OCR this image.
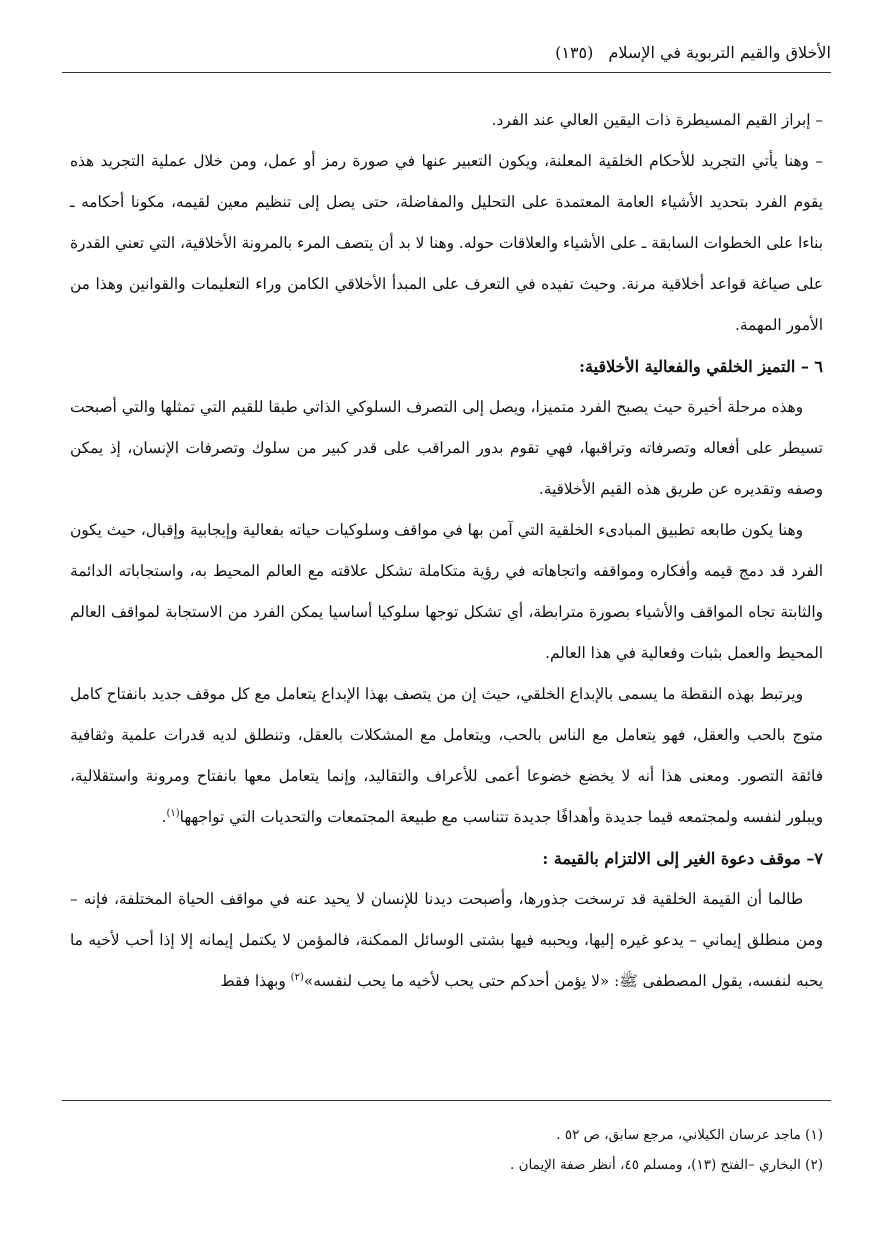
الأخلاق والقيم التربوية في الإسلام (١٣٥)

– إبراز القيم المسيطرة ذات اليقين العالي عند الفرد.

– وهنا يأتي التجريد للأحكام الخلقية المعلنة، ويكون التعبير عنها في صورة رمز أو عمل، ومن خلال عملية التجريد هذه يقوم الفرد بتحديد الأشياء العامة المعتمدة على التحليل والمفاضلة، حتى يصل إلى تنظيم معين لقيمه، مكونا أحكامه ـ بناءا على الخطوات السابقة ـ على الأشياء والعلاقات حوله. وهنا لا بد أن يتصف المرء بالمرونة الأخلاقية، التي تعني القدرة على صياغة قواعد أخلاقية مرنة. وحيث تفيده في التعرف على المبدأ الأخلاقي الكامن وراء التعليمات والقوانين وهذا من الأمور المهمة.

٦ – التميز الخلقي والفعالية الأخلاقية:

وهذه مرحلة أخيرة حيث يصبح الفرد متميزا، ويصل إلى التصرف السلوكي الذاتي طبقا للقيم التي تمثلها والتي أصبحت تسيطر على أفعاله وتصرفاته وتراقبها، فهي تقوم بدور المراقب على قدر كبير من سلوك وتصرفات الإنسان، إذ يمكن وصفه وتقديره عن طريق هذه القيم الأخلاقية.

وهنا يكون طابعه تطبيق المبادىء الخلقية التي آمن بها في مواقف وسلوكيات حياته بفعالية وإيجابية وإقبال، حيث يكون الفرد قد دمج قيمه وأفكاره ومواقفه واتجاهاته في رؤية متكاملة تشكل علاقته مع العالم المحيط به، واستجاباته الدائمة والثابتة تجاه المواقف والأشياء بصورة مترابطة، أي تشكل توجها سلوكيا أساسيا يمكن الفرد من الاستجابة لمواقف العالم المحيط والعمل بثبات وفعالية في هذا العالم.

ويرتبط بهذه النقطة ما يسمى بالإبداع الخلقي، حيث إن من يتصف بهذا الإبداع يتعامل مع كل موقف جديد بانفتاح كامل متوج بالحب والعقل، فهو يتعامل مع الناس بالحب، ويتعامل مع المشكلات بالعقل، وتنطلق لديه قدرات علمية وثقافية فائقة التصور. ومعنى هذا أنه لا يخضع خضوعا أعمى للأعراف والتقاليد، وإنما يتعامل معها بانفتاح ومرونة واستقلالية، ويبلور لنفسه ولمجتمعه قيما جديدة وأهدافًا جديدة تتناسب مع طبيعة المجتمعات والتحديات التي تواجهها$^{(١)}$.

٧– موقف دعوة الغير إلى الالتزام بالقيمة :

طالما أن القيمة الخلقية قد ترسخت جذورها، وأصبحت ديدنا للإنسان لا يحيد عنه في مواقف الحياة المختلفة، فإنه – ومن منطلق إيماني – يدعو غيره إليها، ويحببه فيها بشتى الوسائل الممكنة، فالمؤمن لا يكتمل إيمانه إلا إذا أحب لأخيه ما يحبه لنفسه، يقول المصطفى ﷺ: «لا يؤمن أحدكم حتى يحب لأخيه ما يحب لنفسه»$^{(٢)}$ وبهذا فقط

(١) ماجد عرسان الكيلاني، مرجع سابق، ص ٥٢ .

(٢) البخاري –الفتح (١٣)، ومسلم ٤٥، أنظر صفة الإيمان .
